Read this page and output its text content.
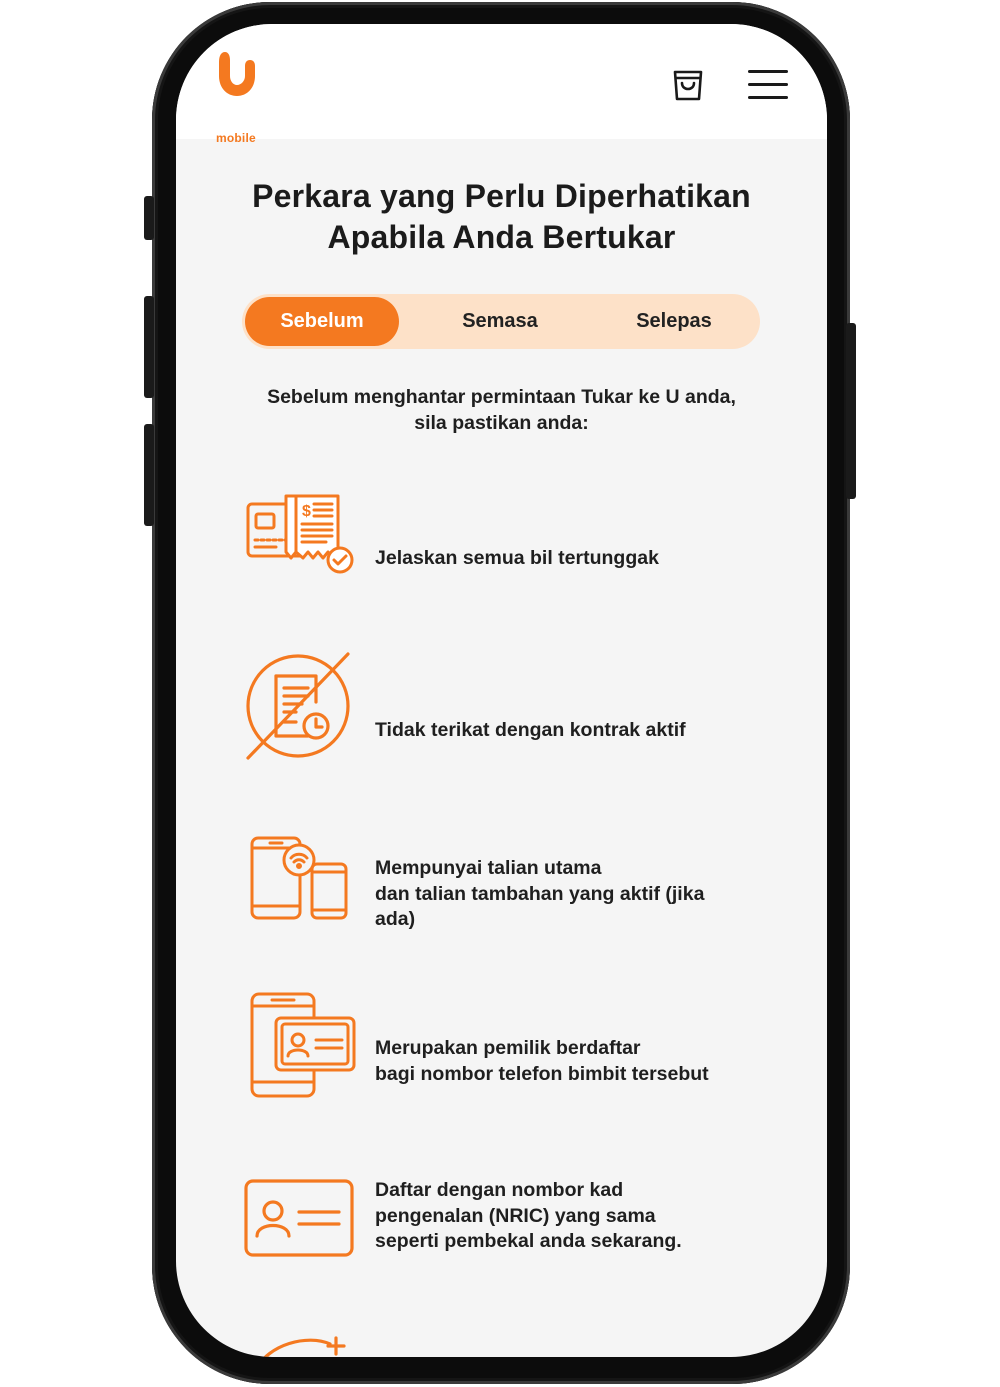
mobile
Perkara yang Perlu Diperhatikan
Apabila Anda Bertukar
Sebelum	Semasa	Selepas
Sebelum menghantar permintaan Tukar ke U anda,
sila pastikan anda:
$
Jelaskan semua bil tertunggak
Tidak terikat dengan kontrak aktif
Mempunyai talian utama
dan talian tambahan yang aktif (jika
ada)
Merupakan pemilik berdaftar
bagi nombor telefon bimbit tersebut
Daftar dengan nombor kad
pengenalan (NRIC) yang sama
seperti pembekal anda sekarang.
